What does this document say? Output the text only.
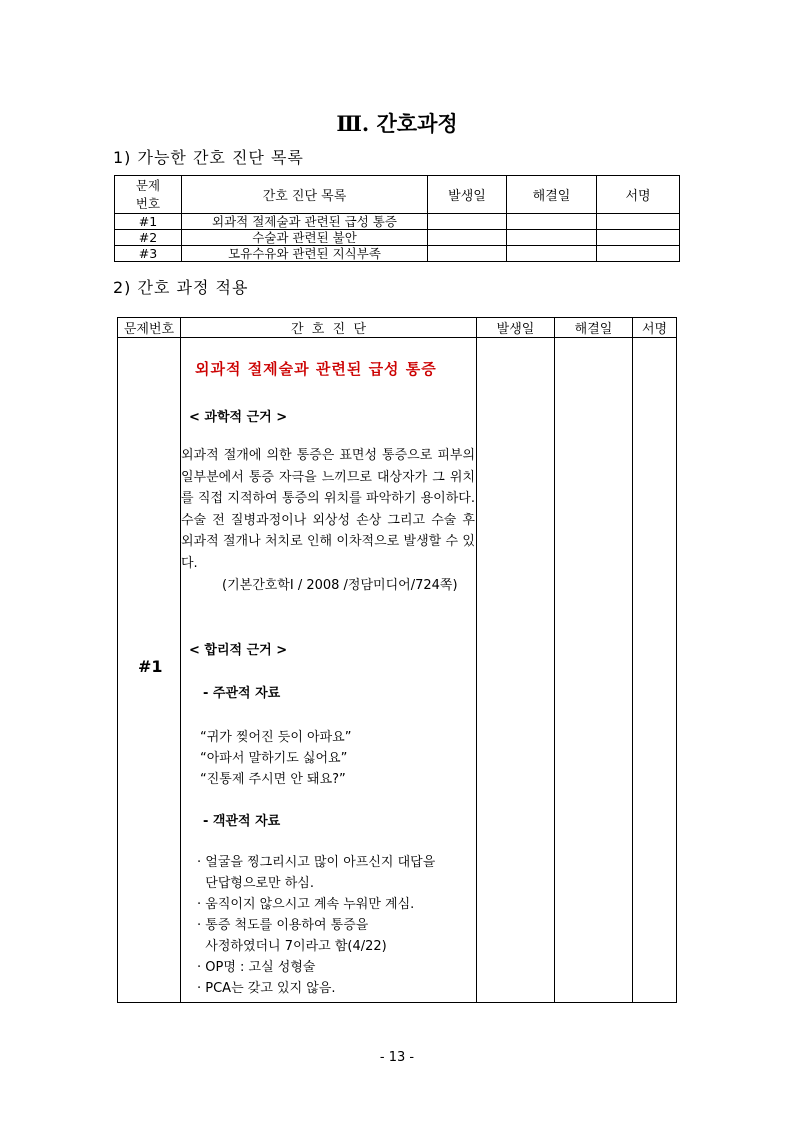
Ⅲ. 간호과정
1) 가능한 간호 진단 목록
문제
번호	간호 진단 목록	발생일	해결일	서명
#1	외과적 절제술과 관련된 급성 통증			
#2	수술과 관련된 불안			
#3	모유수유와 관련된 지식부족			
2) 간호 과정 적용
문제번호	간  호  진  단	발생일	해결일	서명

#1
외과적 절제술과 관련된 급성 통증
< 과학적 근거 >
외과적 절개에 의한 통증은 표면성 통증으로 피부의 일부분에서 통증 자극을 느끼므로 대상자가 그 위치를 직접 지적하여 통증의 위치를 파악하기 용이하다. 수술 전 질병과정이나 외상성 손상 그리고 수술 후 외과적 절개나 처치로 인해 이차적으로 발생할 수 있다.
(기본간호학Ⅰ / 2008 /정담미디어/724쪽)
< 합리적 근거 >
- 주관적 자료
“귀가 찢어진 듯이 아파요”
“아파서 말하기도 싫어요”
“진통제 주시면 안 돼요?”
- 객관적 자료
· 얼굴을 찡그리시고 많이 아프신지 대답을
단답형으로만 하심.
· 움직이지 않으시고 계속 누워만 계심.
· 통증 척도를 이용하여 통증을
사정하였더니 7이라고 함(4/22)
· OP명 : 고실 성형술
· PCA는 갖고 있지 않음.
- 13 -
